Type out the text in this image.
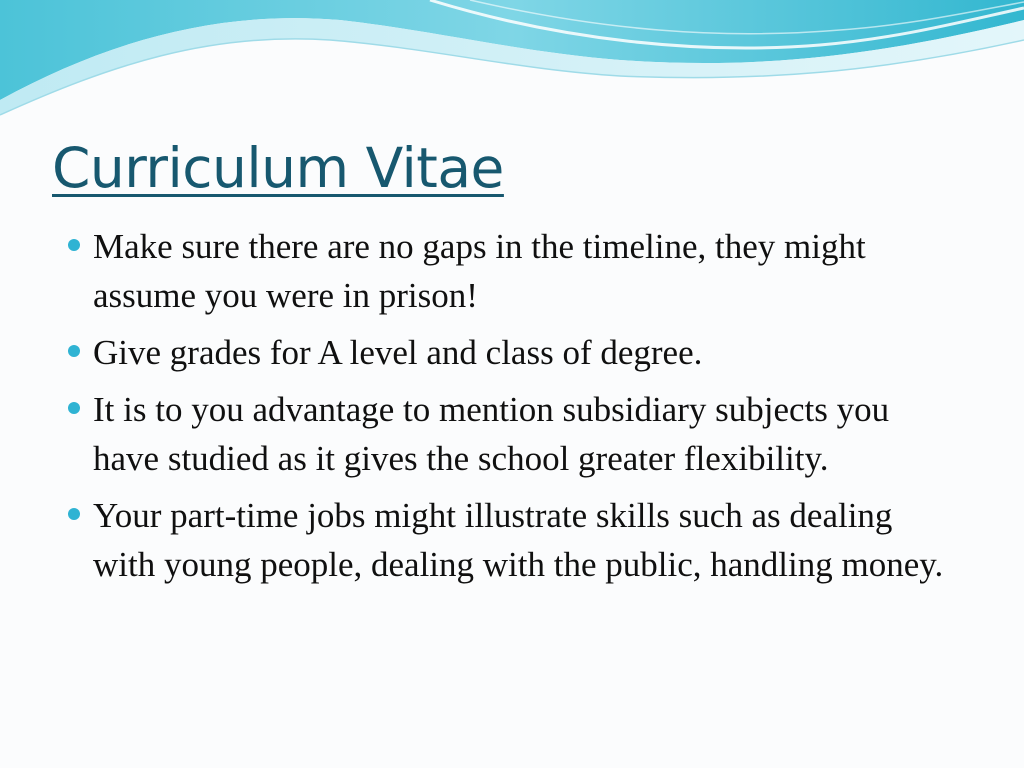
Curriculum Vitae
Make sure there are no gaps in the timeline, they might assume you were in prison!
Give grades for A level and class of degree.
It is to you advantage to mention subsidiary subjects you have studied as it gives the school greater flexibility.
Your part-time jobs might illustrate skills such as dealing with young people, dealing with the public, handling money.
